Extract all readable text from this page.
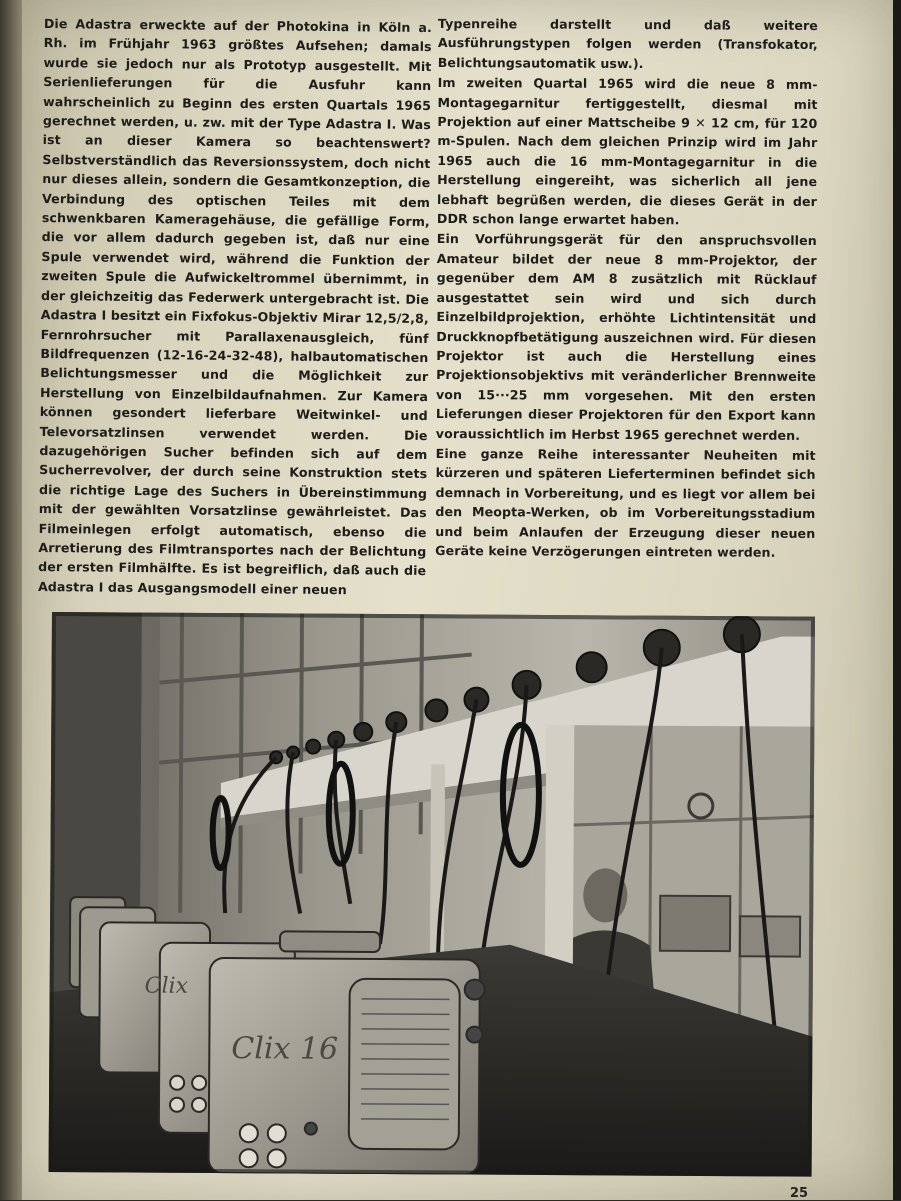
Die Adastra erweckte auf der Photokina in Köln a. Rh. im Frühjahr 1963 größtes Aufsehen; damals wurde sie jedoch nur als Prototyp ausgestellt. Mit Serienlieferungen für die Ausfuhr kann wahrscheinlich zu Beginn des ersten Quartals 1965 gerechnet werden, u. zw. mit der Type Adastra I. Was ist an dieser Kamera so beachtenswert? Selbstverständlich das Reversionssystem, doch nicht nur dieses allein, sondern die Gesamtkonzeption, die Verbindung des optischen Teiles mit dem schwenkbaren Kameragehäuse, die gefällige Form, die vor allem dadurch gegeben ist, daß nur eine Spule verwendet wird, während die Funktion der zweiten Spule die Aufwickeltrommel übernimmt, in der gleichzeitig das Federwerk untergebracht ist. Die Adastra I besitzt ein Fixfokus-Objektiv Mirar 12,5/2,8, Fernrohrsucher mit Parallaxenausgleich, fünf Bildfrequenzen (12-16-24-32-48), halbautomatischen Belichtungsmesser und die Möglichkeit zur Herstellung von Einzelbildaufnahmen. Zur Kamera können gesondert lieferbare Weitwinkel- und Televorsatzlinsen verwendet werden. Die dazugehörigen Sucher befinden sich auf dem Sucherrevolver, der durch seine Konstruktion stets die richtige Lage des Suchers in Übereinstimmung mit der gewählten Vorsatzlinse gewährleistet. Das Filmeinlegen erfolgt automatisch, ebenso die Arretierung des Filmtransportes nach der Belichtung der ersten Filmhälfte. Es ist begreiflich, daß auch die Adastra I das Ausgangsmodell einer neuen

Typenreihe darstellt und daß weitere Ausführungstypen folgen werden (Transfokator, Belichtungsautomatik usw.).

Im zweiten Quartal 1965 wird die neue 8 mm-Montagegarnitur fertiggestellt, diesmal mit Projektion auf einer Mattscheibe 9 ✕ 12 cm, für 120 m-Spulen. Nach dem gleichen Prinzip wird im Jahr 1965 auch die 16 mm-Montagegarnitur in die Herstellung eingereiht, was sicherlich all jene lebhaft begrüßen werden, die dieses Gerät in der DDR schon lange erwartet haben.

Ein Vorführungsgerät für den anspruchsvollen Amateur bildet der neue 8 mm-Projektor, der gegenüber dem AM 8 zusätzlich mit Rücklauf ausgestattet sein wird und sich durch Einzelbildprojektion, erhöhte Lichtintensität und Druckknopfbetätigung auszeichnen wird. Für diesen Projektor ist auch die Herstellung eines Projektionsobjektivs mit veränderlicher Brennweite von 15···25 mm vorgesehen. Mit den ersten Lieferungen dieser Projektoren für den Export kann voraussichtlich im Herbst 1965 gerechnet werden.

Eine ganze Reihe interessanter Neuheiten mit kürzeren und späteren Lieferterminen befindet sich demnach in Vorbereitung, und es liegt vor allem bei den Meopta-Werken, ob im Vorbereitungsstadium und beim Anlaufen der Erzeugung dieser neuen Geräte keine Verzögerungen eintreten werden.

Clix 16
Clix
25
